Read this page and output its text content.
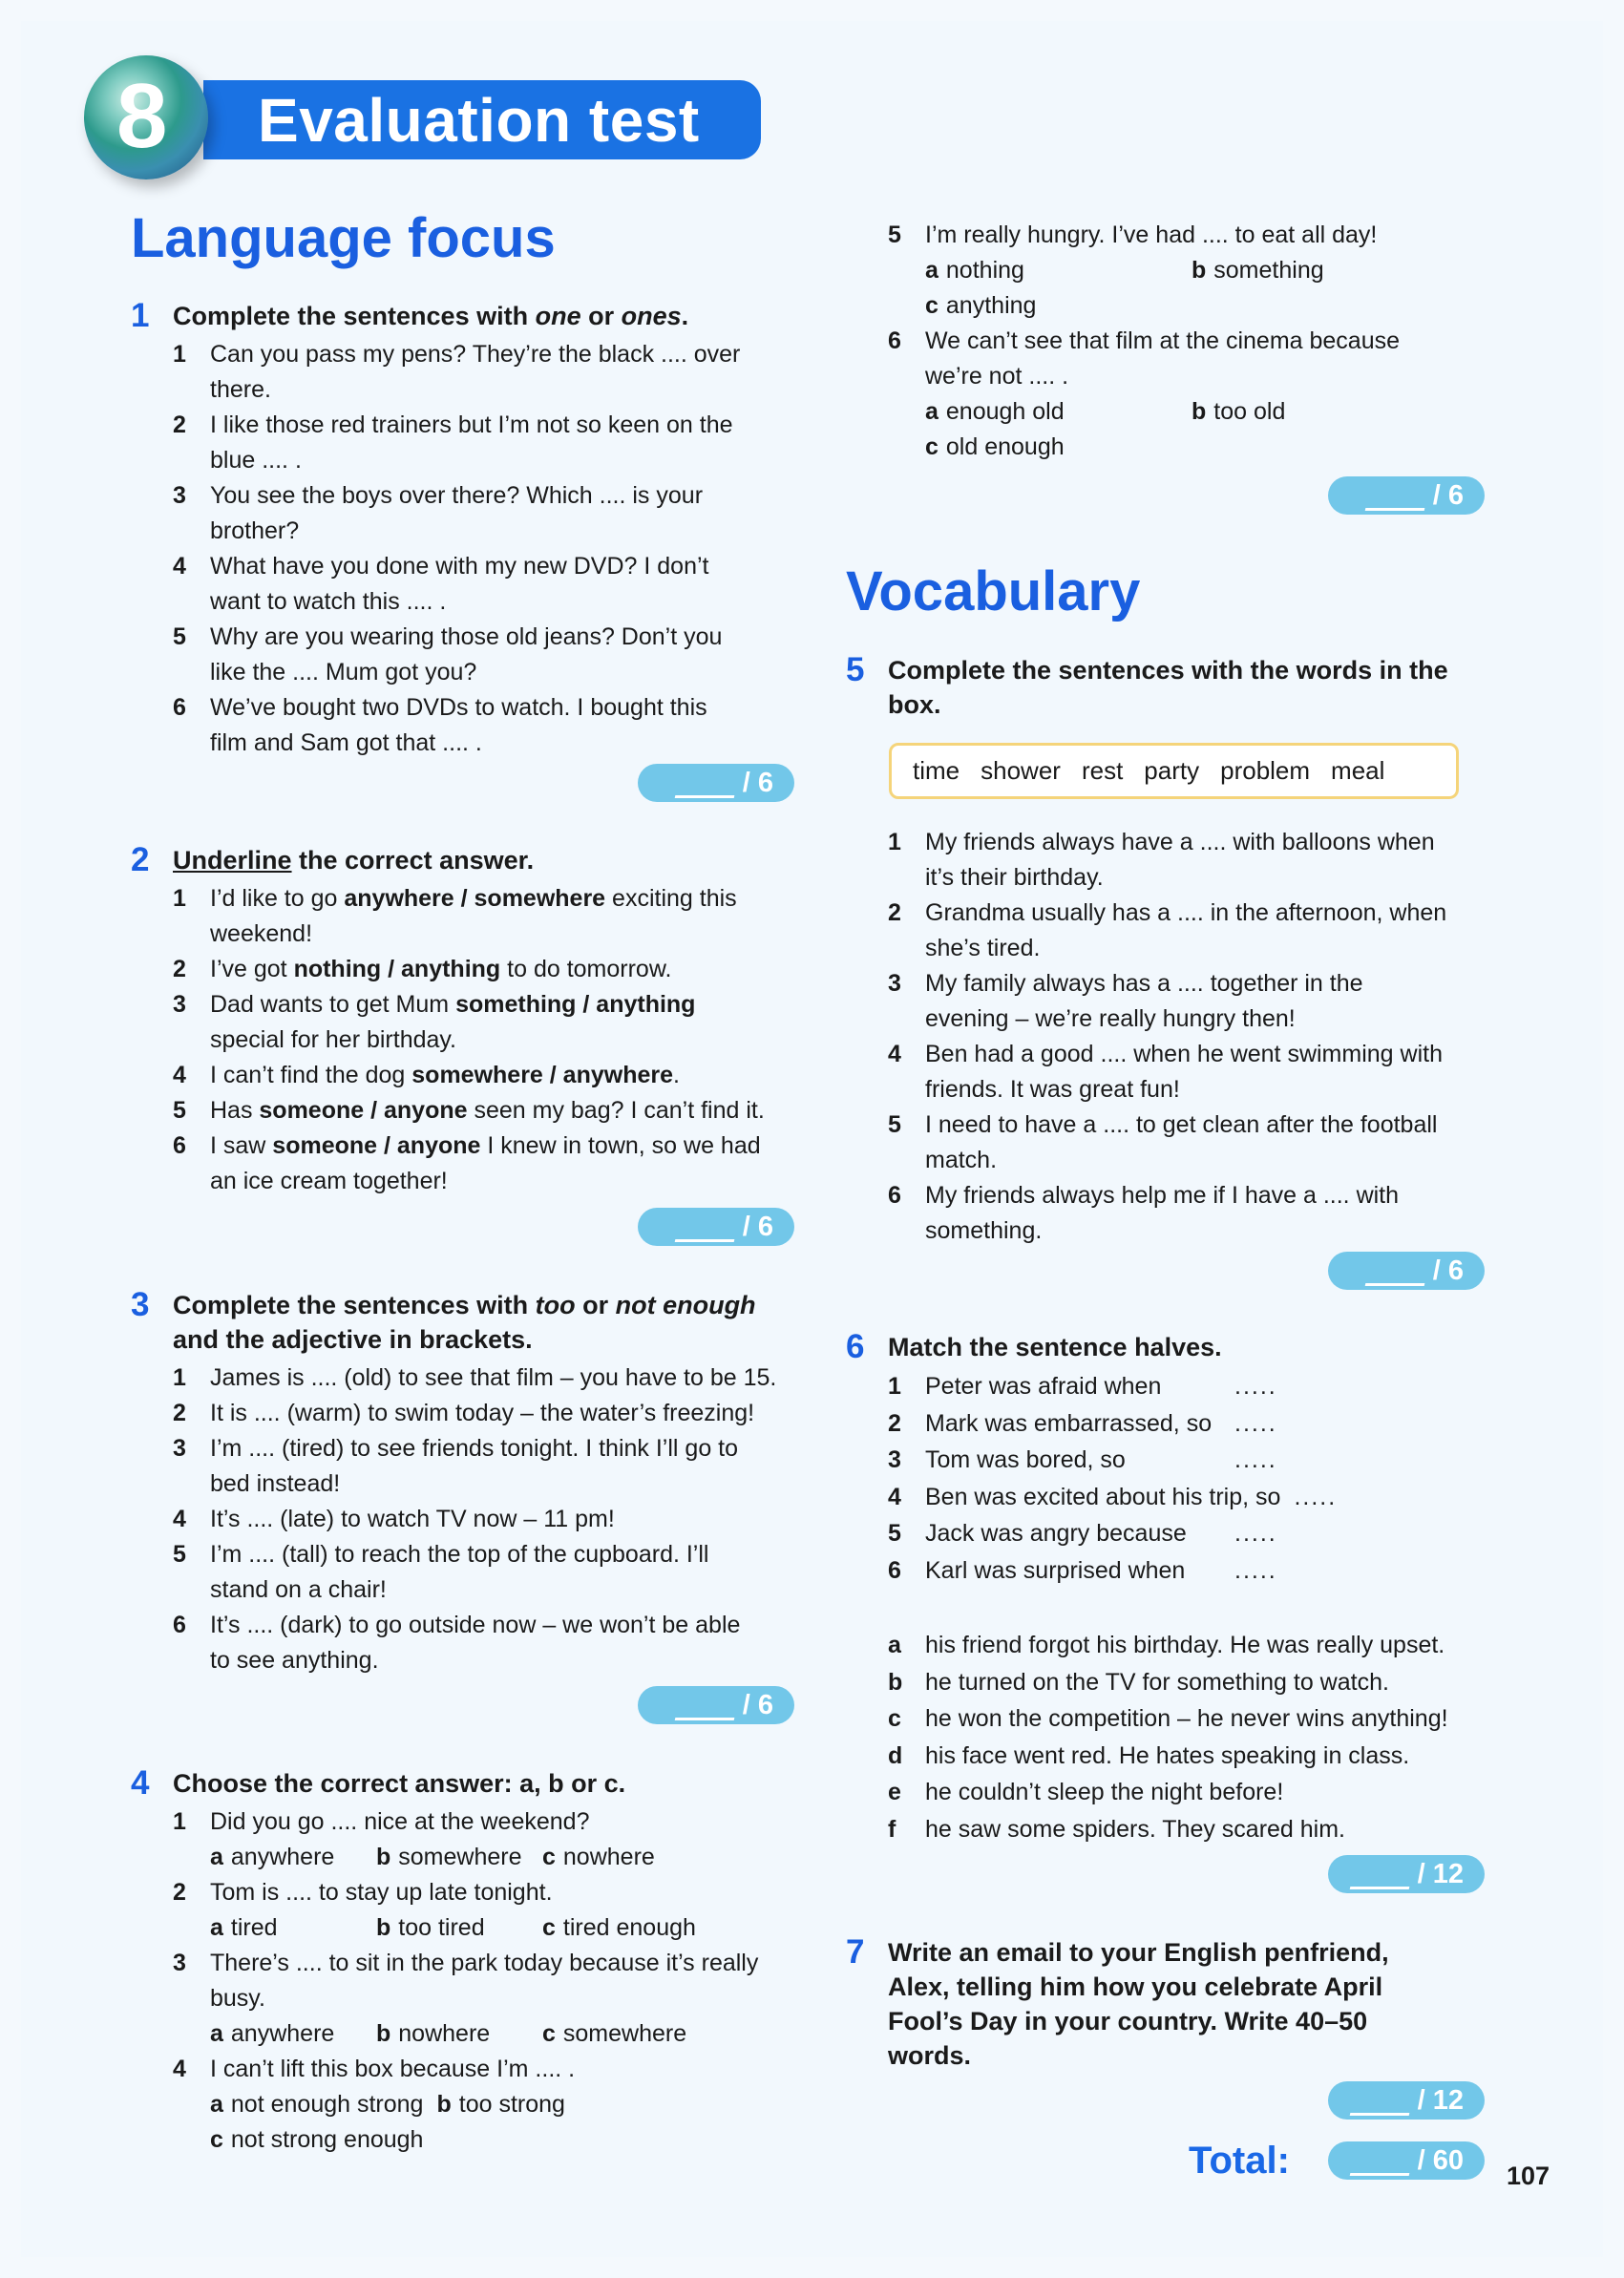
8 Evaluation test
Language focus
Vocabulary
1 Complete the sentences with one or ones.
1	Can you pass my pens? They’re the black .... over
there.
2	I like those red trainers but I’m not so keen on the
blue .... .
3	You see the boys over there? Which .... is your
brother?
4	What have you done with my new DVD? I don’t
want to watch this .... .
5	Why are you wearing those old jeans? Don’t you
like the .... Mum got you?
6	We’ve bought two DVDs to watch. I bought this
film and Sam got that .... .
2 Underline the correct answer.
1	I’d like to go anywhere / somewhere exciting this
weekend!
2	I’ve got nothing / anything to do tomorrow.
3	Dad wants to get Mum something / anything
special for her birthday.
4	I can’t find the dog somewhere / anywhere.
5	Has someone / anyone seen my bag? I can’t find it.
6	I saw someone / anyone I knew in town, so we had
an ice cream together!
3 Complete the sentences with too or not enough
and the adjective in brackets.
1	James is .... (old) to see that film – you have to be 15.
2	It is .... (warm) to swim today – the water’s freezing!
3	I’m .... (tired) to see friends tonight. I think I’ll go to
bed instead!
4	It’s .... (late) to watch TV now – 11 pm!
5	I’m .... (tall) to reach the top of the cupboard. I’ll
stand on a chair!
6	It’s .... (dark) to go outside now – we won’t be able
to see anything.
4 Choose the correct answer: a, b or c.
1	Did you go .... nice at the weekend?
a anywhere b somewhere c nowhere
2	Tom is .... to stay up late tonight.
a tired	b too tired c tired enough
3	There’s .... to sit in the park today because it’s really
busy.
a anywhere b nowhere c somewhere
4	I can’t lift this box because I’m .... .
a not enough strong b too strong
c not strong enough
5	I’m really hungry. I’ve had .... to eat all day!
a nothing	b something
c anything
6	We can’t see that film at the cinema because
we’re not .... .
a enough old	b too old
c old enough
5 Complete the sentences with the words in the
box.
time shower rest party problem meal
1	My friends always have a .... with balloons when
it’s their birthday.
2	Grandma usually has a .... in the afternoon, when
she’s tired.
3	My family always has a .... together in the
evening – we’re really hungry then!
4	Ben had a good .... when he went swimming with
friends. It was great fun!
5	I need to have a .... to get clean after the football
match.
6	My friends always help me if I have a .... with
something.
6 Match the sentence halves.
1	Peter was afraid when	.....
2	Mark was embarrassed, so .....
3	Tom was bored, so	.....
4	Ben was excited about his trip, so .....
5	Jack was angry because .....
6	Karl was surprised when .....
a	his friend forgot his birthday. He was really upset.
b he turned on the TV for something to watch.
c	he won the competition – he never wins anything!
d his face went red. He hates speaking in class.
e	he couldn’t sleep the night before!
f	he saw some spiders. They scared him.
7 Write an email to your English penfriend,
Alex, telling him how you celebrate April
Fool’s Day in your country. Write 40–50
words.
/ 6
/ 6
/ 6
/ 6
/ 6
/ 12
/ 12
/ 60
Total:	107
